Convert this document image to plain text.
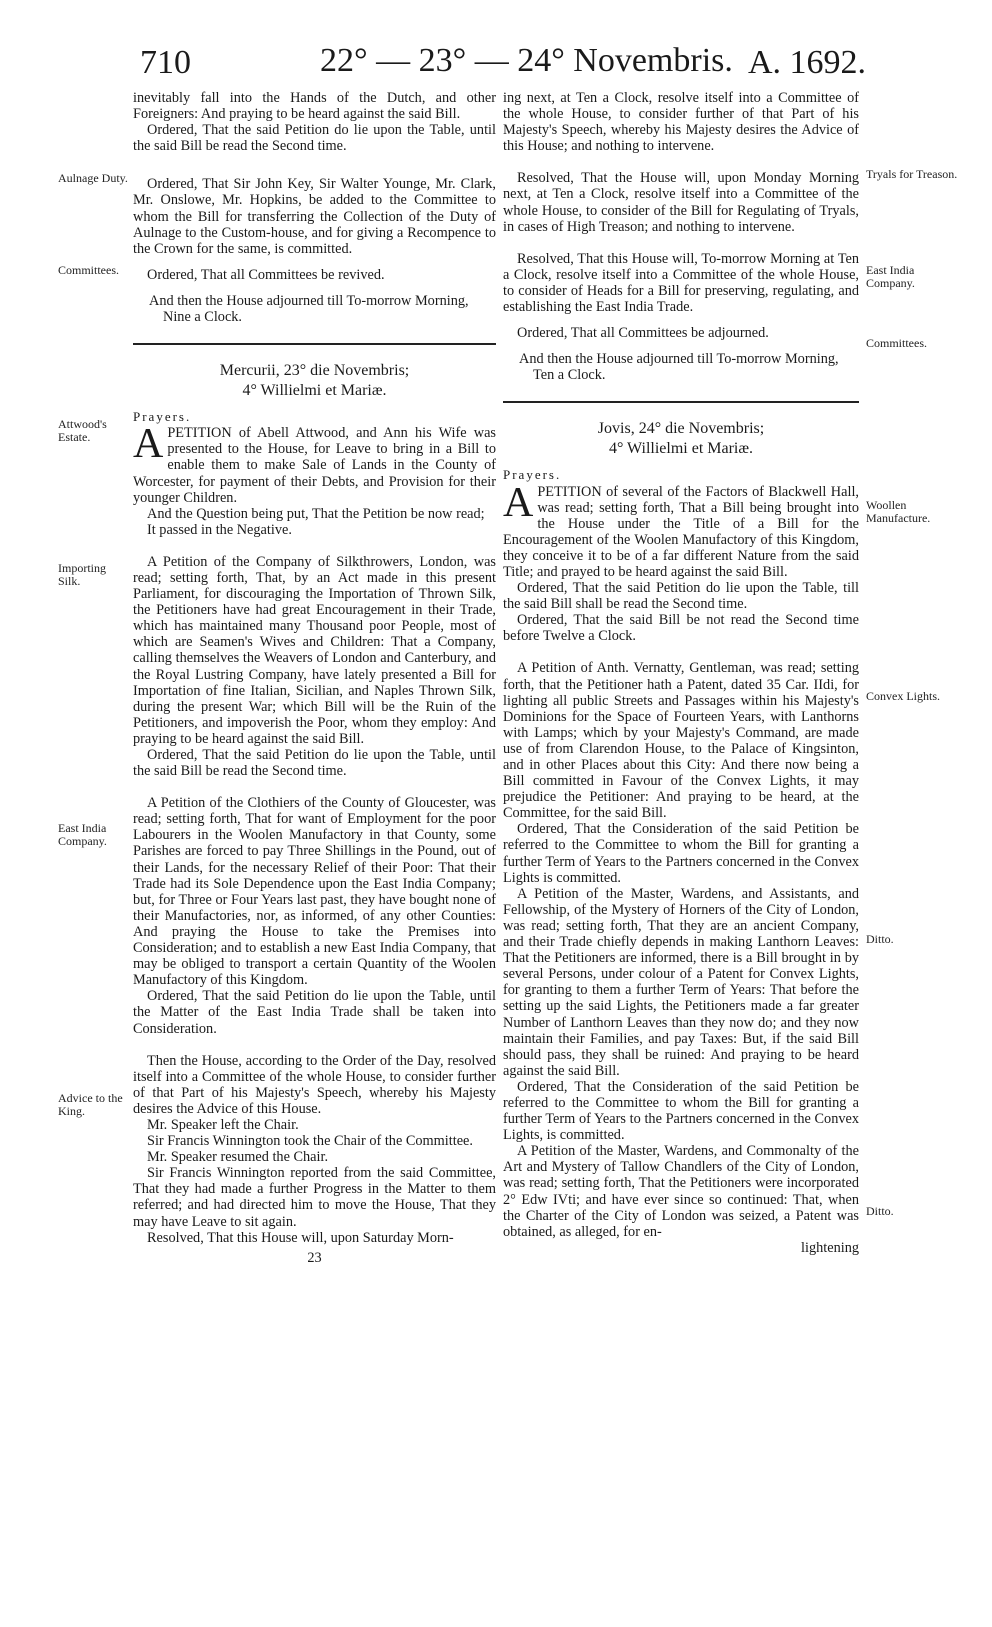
710	22° — 23° — 24° Novembris. A. 1692.

inevitably fall into the Hands of the Dutch, and other Foreigners: And praying to be heard against the said Bill.

Ordered, That the said Petition do lie upon the Table, until the said Bill be read the Second time.

Ordered, That Sir John Key, Sir Walter Younge, Mr. Clark, Mr. Onslowe, Mr. Hopkins, be added to the Committee to whom the Bill for transferring the Collection of the Duty of Aulnage to the Custom-house, and for giving a Recompence to the Crown for the same, is committed.

Ordered, That all Committees be revived.

And then the House adjourned till To-morrow Morning, Nine a Clock.

Mercurii, 23° die Novembris;

4° Willielmi et Mariæ.

Prayers.

APETITION of Abell Attwood, and Ann his Wife was presented to the House, for Leave to bring in a Bill to enable them to make Sale of Lands in the County of Worcester, for payment of their Debts, and Provision for their younger Children.

And the Question being put, That the Petition be now read;

It passed in the Negative.

A Petition of the Company of Silkthrowers, London, was read; setting forth, That, by an Act made in this present Parliament, for discouraging the Importation of Thrown Silk, the Petitioners have had great Encouragement in their Trade, which has maintained many Thousand poor People, most of which are Seamen's Wives and Children: That a Company, calling themselves the Weavers of London and Canterbury, and the Royal Lustring Company, have lately presented a Bill for Importation of fine Italian, Sicilian, and Naples Thrown Silk, during the present War; which Bill will be the Ruin of the Petitioners, and impoverish the Poor, whom they employ: And praying to be heard against the said Bill.

Ordered, That the said Petition do lie upon the Table, until the said Bill be read the Second time.

A Petition of the Clothiers of the County of Gloucester, was read; setting forth, That for want of Employment for the poor Labourers in the Woolen Manufactory in that County, some Parishes are forced to pay Three Shillings in the Pound, out of their Lands, for the necessary Relief of their Poor: That their Trade had its Sole Dependence upon the East India Company; but, for Three or Four Years last past, they have bought none of their Manufactories, nor, as informed, of any other Counties: And praying the House to take the Premises into Consideration; and to establish a new East India Company, that may be obliged to transport a certain Quantity of the Woolen Manufactory of this Kingdom.

Ordered, That the said Petition do lie upon the Table, until the Matter of the East India Trade shall be taken into Consideration.

Then the House, according to the Order of the Day, resolved itself into a Committee of the whole House, to consider further of that Part of his Majesty's Speech, whereby his Majesty desires the Advice of this House.

Mr. Speaker left the Chair.

Sir Francis Winnington took the Chair of the Committee.

Mr. Speaker resumed the Chair.

Sir Francis Winnington reported from the said Committee, That they had made a further Progress in the Matter to them referred; and had directed him to move the House, That they may have Leave to sit again.

Resolved, That this House will, upon Saturday Morn-

23

ing next, at Ten a Clock, resolve itself into a Committee of the whole House, to consider further of that Part of his Majesty's Speech, whereby his Majesty desires the Advice of this House; and nothing to intervene.

Resolved, That the House will, upon Monday Morning next, at Ten a Clock, resolve itself into a Committee of the whole House, to consider of the Bill for Regulating of Tryals, in cases of High Treason; and nothing to intervene.

Resolved, That this House will, To-morrow Morning at Ten a Clock, resolve itself into a Committee of the whole House, to consider of Heads for a Bill for preserving, regulating, and establishing the East India Trade.

Ordered, That all Committees be adjourned.

And then the House adjourned till To-morrow Morning, Ten a Clock.

Jovis, 24° die Novembris;

4° Willielmi et Mariæ.

Prayers.

APETITION of several of the Factors of Blackwell Hall, was read; setting forth, That a Bill being brought into the House under the Title of a Bill for the Encouragement of the Woolen Manufactory of this Kingdom, they conceive it to be of a far different Nature from the said Title; and prayed to be heard against the said Bill.

Ordered, That the said Petition do lie upon the Table, till the said Bill shall be read the Second time.

Ordered, That the said Bill be not read the Second time before Twelve a Clock.

A Petition of Anth. Vernatty, Gentleman, was read; setting forth, that the Petitioner hath a Patent, dated 35 Car. IIdi, for lighting all public Streets and Passages within his Majesty's Dominions for the Space of Fourteen Years, with Lanthorns with Lamps; which by your Majesty's Command, are made use of from Clarendon House, to the Palace of Kingsinton, and in other Places about this City: And there now being a Bill committed in Favour of the Convex Lights, it may prejudice the Petitioner: And praying to be heard, at the Committee, for the said Bill.

Ordered, That the Consideration of the said Petition be referred to the Committee to whom the Bill for granting a further Term of Years to the Partners concerned in the Convex Lights is committed.

A Petition of the Master, Wardens, and Assistants, and Fellowship, of the Mystery of Horners of the City of London, was read; setting forth, That they are an ancient Company, and their Trade chiefly depends in making Lanthorn Leaves: That the Petitioners are informed, there is a Bill brought in by several Persons, under colour of a Patent for Convex Lights, for granting to them a further Term of Years: That before the setting up the said Lights, the Petitioners made a far greater Number of Lanthorn Leaves than they now do; and they now maintain their Families, and pay Taxes: But, if the said Bill should pass, they shall be ruined: And praying to be heard against the said Bill.

Ordered, That the Consideration of the said Petition be referred to the Committee to whom the Bill for granting a further Term of Years to the Partners concerned in the Convex Lights, is committed.

A Petition of the Master, Wardens, and Commonalty of the Art and Mystery of Tallow Chandlers of the City of London, was read; setting forth, That the Petitioners were incorporated 2° Edw IVti; and have ever since so continued: That, when the Charter of the City of London was seized, a Patent was obtained, as alleged, for en-

lightening

Aulnage Duty.
Committees.
Attwood's Estate.
Importing Silk.
East India Company.
Advice to the King.
Tryals for Treason.
East India Company.
Committees.
Woollen Manufacture.
Convex Lights.
Ditto.
Ditto.
